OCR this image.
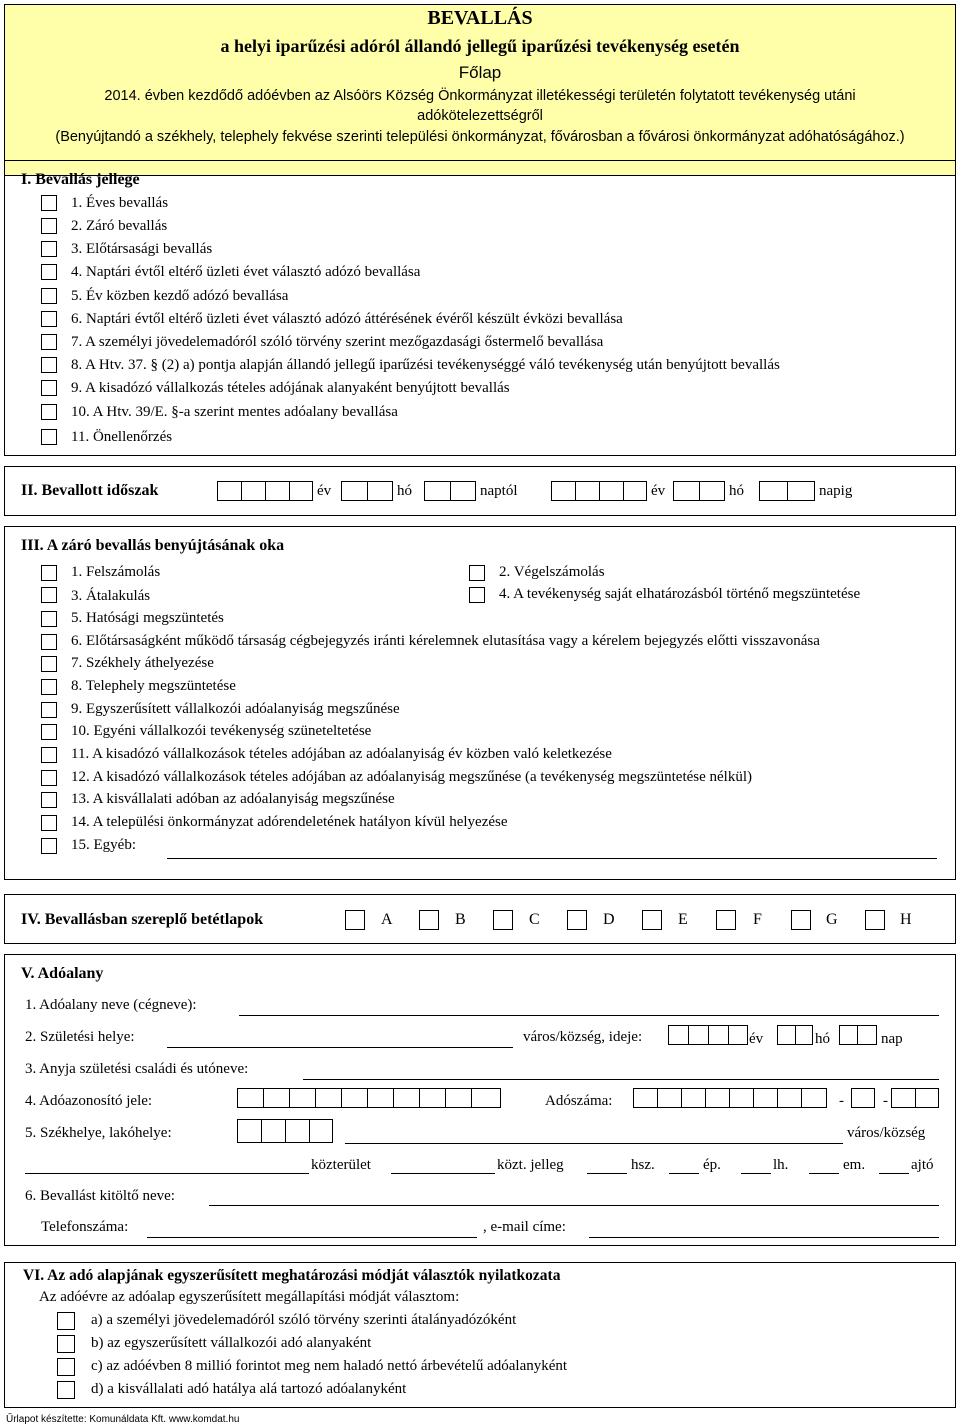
BEVALLÁS
a helyi iparűzési adóról állandó jellegű iparűzési tevékenység esetén
Főlap
2014. évben kezdődő adóévben az Alsóörs Község Önkormányzat illetékességi területén folytatott tevékenység utáni
adókötelezettségről
(Benyújtandó a székhely, telephely fekvése szerinti települési önkormányzat, fővárosban a fővárosi önkormányzat adóhatóságához.)
I. Bevallás jellege
1. Éves bevallás
2. Záró bevallás
3. Előtársasági bevallás
4. Naptári évtől eltérő üzleti évet választó adózó bevallása
5. Év közben kezdő adózó bevallása
6. Naptári évtől eltérő üzleti évet választó adózó áttérésének évéről készült évközi bevallása
7. A személyi jövedelemadóról szóló törvény szerint mezőgazdasági őstermelő bevallása
8. A Htv. 37. § (2) a) pontja alapján állandó jellegű iparűzési tevékenységgé váló tevékenység után benyújtott bevallás
9. A kisadózó vállalkozás tételes adójának alanyaként benyújtott bevallás
10. A Htv. 39/E. §-a szerint mentes adóalany bevallása
11. Önellenőrzés
II. Bevallott időszak	év	hó	naptól	év	hó	napig
III. A záró bevallás benyújtásának oka
1. Felszámolás	2. Végelszámolás
3. Átalakulás	4. A tevékenység saját elhatározásból történő megszüntetése
5. Hatósági megszüntetés
6. Előtársaságként működő társaság cégbejegyzés iránti kérelemnek elutasítása vagy a kérelem bejegyzés előtti visszavonása
7. Székhely áthelyezése
8. Telephely megszüntetése
9. Egyszerűsített vállalkozói adóalanyiság megszűnése
10. Egyéni vállalkozói tevékenység szüneteltetése
11. A kisadózó vállalkozások tételes adójában az adóalanyiság év közben való keletkezése
12. A kisadózó vállalkozások tételes adójában az adóalanyiság megszűnése (a tevékenység megszüntetése nélkül)
13. A kisvállalati adóban az adóalanyiság megszűnése
14. A települési önkormányzat adórendeletének hatályon kívül helyezése
15. Egyéb:
IV. Bevallásban szereplő betétlapok	A	B	C	D	E	F	G	H
V. Adóalany
1. Adóalany neve (cégneve):
2. Születési helye:	város/község, ideje:	év	hó	nap
3. Anyja születési családi és utóneve:
4. Adóazonosító jele:	Adószáma:	-	-
5. Székhelye, lakóhelye:	város/község
közterület	közt. jelleg	hsz.	ép.	lh.	em.	ajtó
6. Bevallást kitöltő neve:
Telefonszáma:	, e-mail címe:
VI. Az adó alapjának egyszerűsített meghatározási módját választók nyilatkozata
Az adóévre az adóalap egyszerűsített megállapítási módját választom:
a) a személyi jövedelemadóról szóló törvény szerinti átalányadózóként
b) az egyszerűsített vállalkozói adó alanyaként
c) az adóévben 8 millió forintot meg nem haladó nettó árbevételű adóalanyként
d) a kisvállalati adó hatálya alá tartozó adóalanyként
Űrlapot készítette: Komunáldata Kft. www.komdat.hu
